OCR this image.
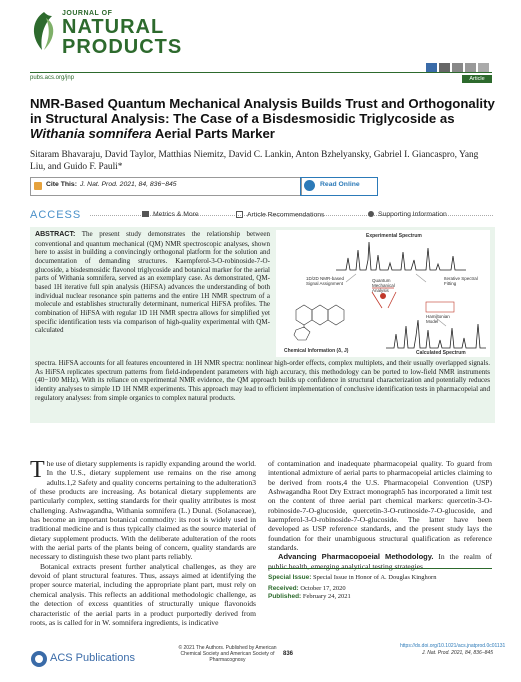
JOURNAL OF
NATURAL
PRODUCTS
pubs.acs.org/jnp	Article
NMR-Based Quantum Mechanical Analysis Builds Trust and Orthogonality in Structural Analysis: The Case of a Bisdesmosidic Triglycoside as Withania somnifera Aerial Parts Marker
Sitaram Bhavaraju, David Taylor, Matthias Niemitz, David C. Lankin, Anton Bzhelyansky, Gabriel I. Giancaspro, Yang Liu, and Guido F. Pauli*
Cite This: J. Nat. Prod. 2021, 84, 836−845	Read Online
ACCESS	Metrics & More	Article Recommendations	Supporting Information
ABSTRACT: The present study demonstrates the relationship between conventional and quantum mechanical (QM) NMR spectroscopic analyses, shown here to assist in building a convincingly orthogonal platform for the solution and documentation of demanding structures. Kaempferol-3-O-robinoside-7-O-glucoside, a bisdesmosidic flavonol triglycoside and botanical marker for the aerial parts of Withania somnifera, served as an exemplary case. As demonstrated, QM-based 1H iterative full spin analysis (HiFSA) advances the understanding of both individual nuclear resonance spin patterns and the entire 1H NMR spectrum of a molecule and establishes structurally determinant, numerical HiFSA profiles. The combination of HiFSA with regular 1D 1H NMR spectra allows for simplified yet specific identification tests via comparison of high-quality experimental with QM-calculated
spectra. HiFSA accounts for all features encountered in 1H NMR spectra: nonlinear high-order effects, complex multiplets, and their usually overlapped signals. As HiFSA replicates spectrum patterns from field-independent parameters with high accuracy, this methodology can be ported to low-field NMR instruments (40−100 MHz). With its reliance on experimental NMR evidence, the QM approach builds up confidence in structural characterization and potentially reduces identity analyses to simple 1D 1H NMR experiments. This approach may lead to efficient implementation of conclusive identification tests in pharmacopeial and regulatory analyses: from simple organics to complex natural products.
Experimental Spectrum
1D/2D NMR-based Signal Assignment
Quantum Mechanical Analysis
Iterative Spectral Fitting
Hamiltonian Model
Chemical Information (δ, J)	Calculated Spectrum
The use of dietary supplements is rapidly expanding around the world. In the U.S., dietary supplement use remains on the rise among adults.1,2 Safety and quality concerns pertaining to the adulteration3 of these products are increasing. As botanical dietary supplements are particularly complex, setting standards for their quality attributes is most challenging. Ashwagandha, Withania somnifera (L.) Dunal. (Solanaceae), has become an important botanical commodity: its root is widely used in traditional medicine and is thus typically claimed as the source material of dietary supplement products. With the deliberate adulteration of the roots with the aerial parts of the plants being of concern, quality standards are necessary to distinguish these two plant parts reliably.
Botanical extracts present further analytical challenges, as they are devoid of plant structural features. Thus, assays aimed at identifying the proper source material, including the appropriate plant part, must rely on chemical analysis. This reflects an additional methodologic challenge, as the detection of excess quantities of structurally unique flavonoids characteristic of the aerial parts in a product purportedly derived from roots, as is called for in W. somnifera ingredients, is indicative
of contamination and inadequate pharmacopeial quality. To guard from intentional admixture of aerial parts to pharmacopeial articles claiming to be derived from roots,4 the U.S. Pharmacopeial Convention (USP) Ashwagandha Root Dry Extract monograph5 has incorporated a limit test on the content of three aerial part chemical markers: quercetin-3-O-robinoside-7-O-glucoside, quercetin-3-O-rutinoside-7-O-glucoside, and kaempferol-3-O-robinoside-7-O-glucoside. The latter have been developed as USP reference standards, and the present study lays the foundation for their unambiguous structural qualification as reference standards.
Advancing Pharmacopoeial Methodology. In the realm of public health, emerging analytical testing strategies
Special Issue: Special Issue in Honor of A. Douglas Kinghorn
Received: October 17, 2020
Published: February 24, 2021
ACS Publications
© 2021 The Authors. Published by American Chemical Society and American Society of Pharmacognosy
836
https://dx.doi.org/10.1021/acs.jnatprod.0c01131
J. Nat. Prod. 2021, 84, 836−845
